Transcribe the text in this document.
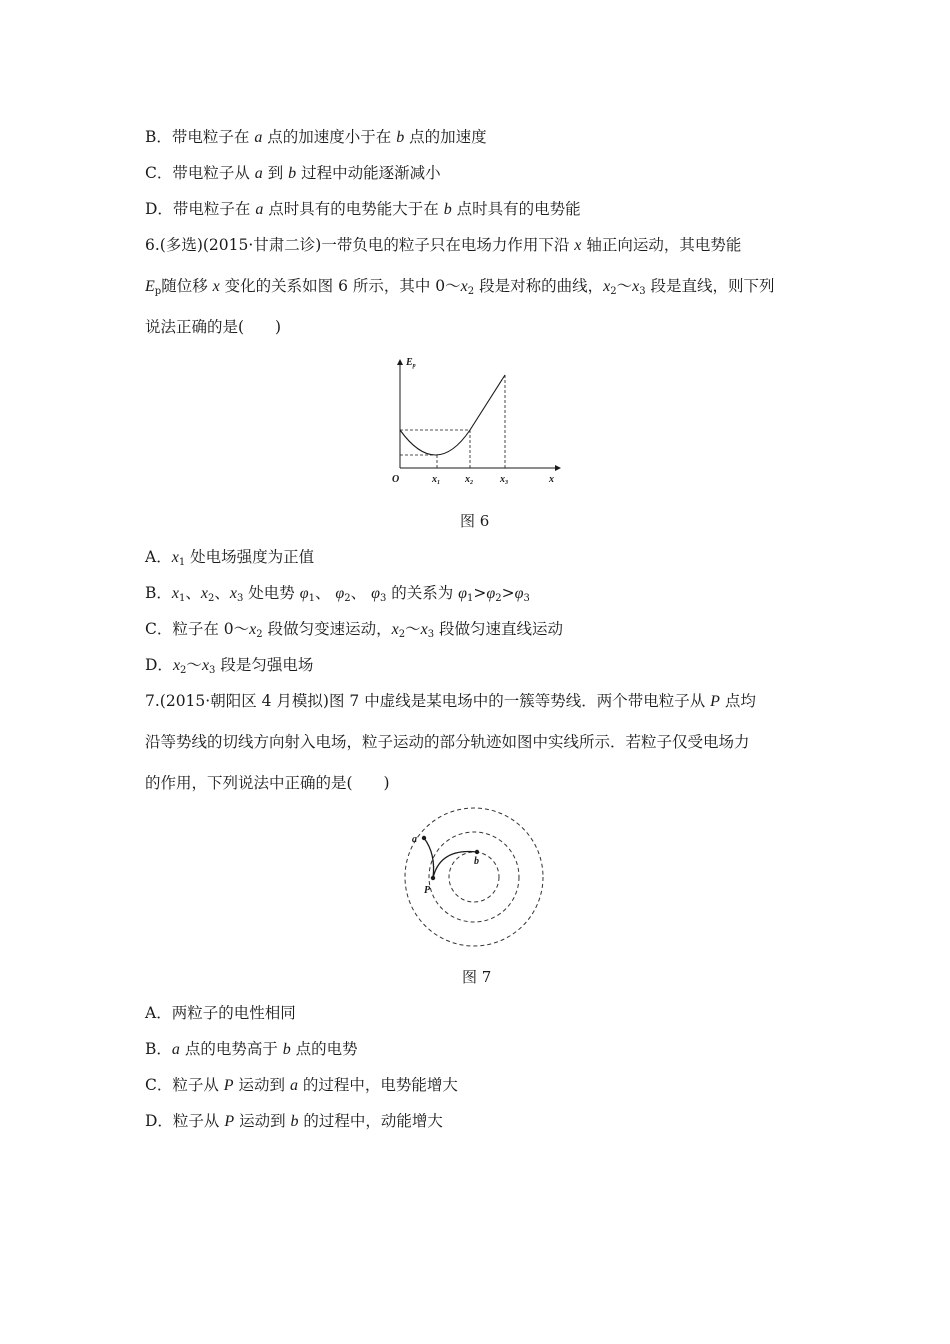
B．带电粒子在 a 点的加速度小于在 b 点的加速度
C．带电粒子从 a 到 b 过程中动能逐渐减小
D．带电粒子在 a 点时具有的电势能大于在 b 点时具有的电势能
6.(多选)(2015·甘肃二诊)一带负电的粒子只在电场力作用下沿 x 轴正向运动，其电势能
$E_p$随位移 x 变化的关系如图 6 所示，其中 $0\sim x_2$ 段是对称的曲线，$x_2\sim x_3$ 段是直线，则下列
说法正确的是(　　)
$E_p$
O	$x_1$	$x_2$	$x_3$	x
图 6
A．$x_1$ 处电场强度为正值
B．$x_1$、$x_2$、$x_3$ 处电势 $\varphi_1$、 $\varphi_2$、 $\varphi_3$ 的关系为 $\varphi_1>\varphi_2>\varphi_3$
C．粒子在 $0\sim x_2$ 段做匀变速运动，$x_2\sim x_3$ 段做匀速直线运动
D．$x_2\sim x_3$ 段是匀强电场
7.(2015·朝阳区 4 月模拟)图 7 中虚线是某电场中的一簇等势线．两个带电粒子从 P 点均
沿等势线的切线方向射入电场，粒子运动的部分轨迹如图中实线所示．若粒子仅受电场力
的作用，下列说法中正确的是(　　)
a
b
P
图 7
A．两粒子的电性相同
B．a 点的电势高于 b 点的电势
C．粒子从 P 运动到 a 的过程中，电势能增大
D．粒子从 P 运动到 b 的过程中，动能增大
